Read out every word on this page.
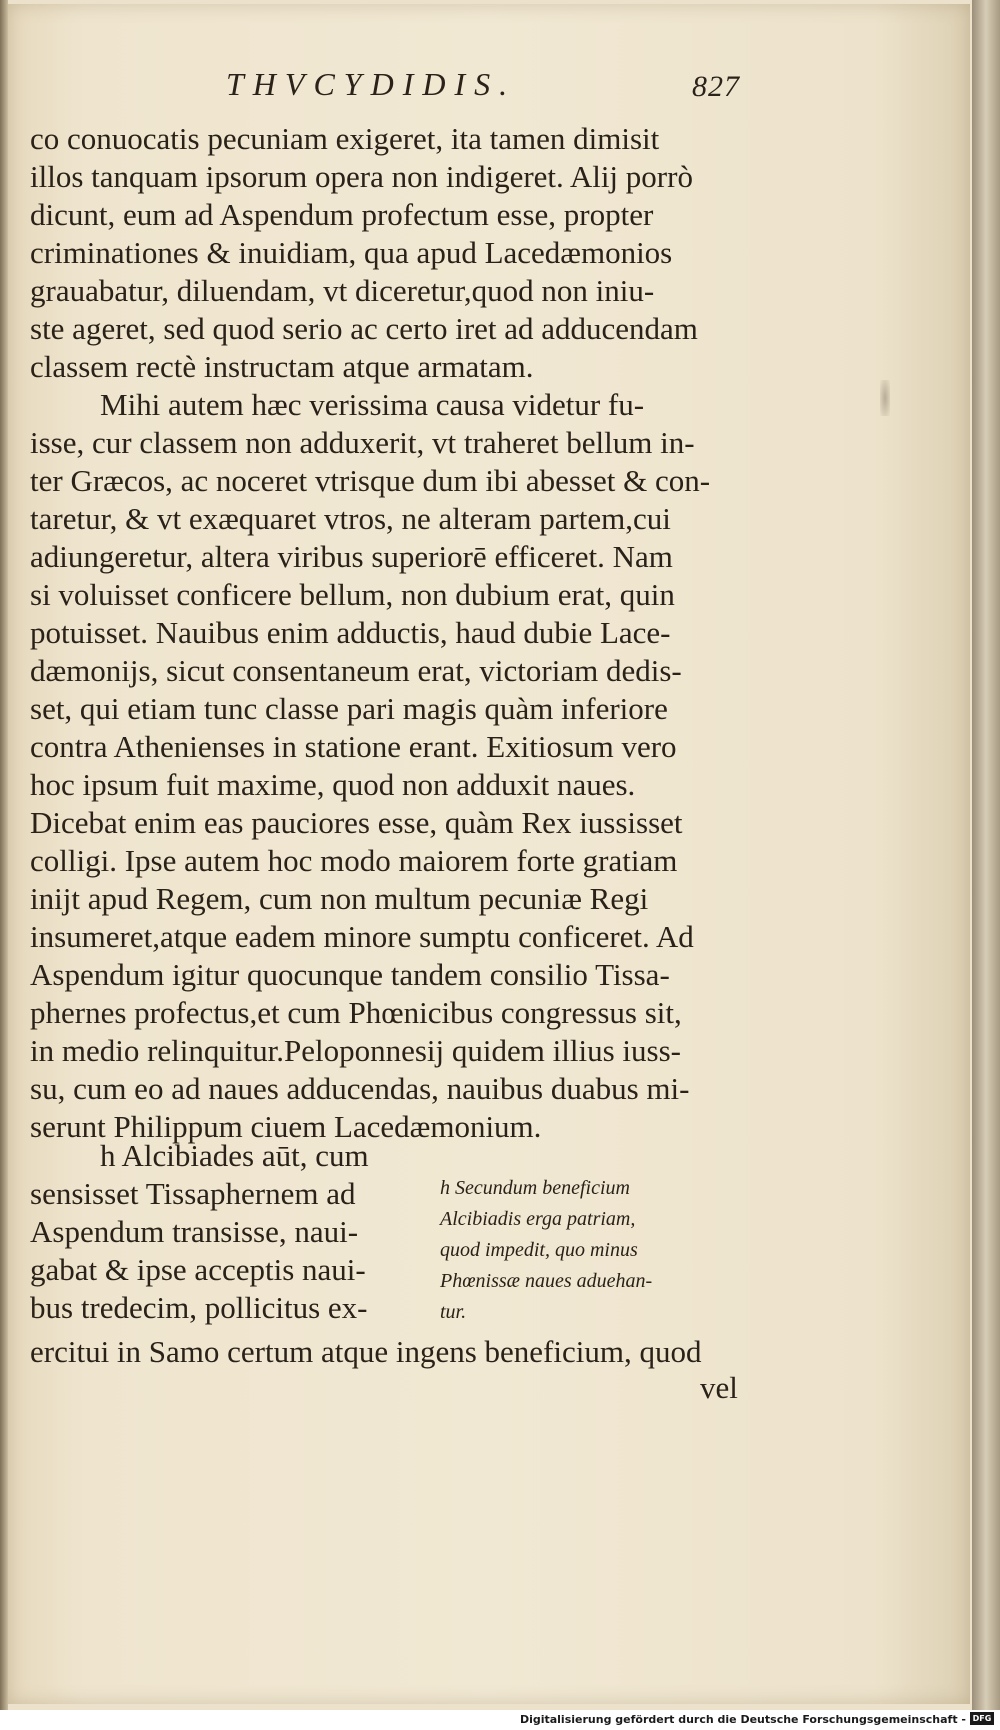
THVCYDIDIS.	827
co conuocatis pecuniam exigeret, ita tamen dimisit
illos tanquam ipsorum opera non indigeret. Alij porrò
dicunt, eum ad Aspendum profectum esse, propter
criminationes & inuidiam, qua apud Lacedæmonios
grauabatur, diluendam, vt diceretur,quod non iniu-
ste ageret, sed quod serio ac certo iret ad adducendam
classem rectè instructam atque armatam.
Mihi autem hæc verissima causa videtur fu-
isse, cur classem non adduxerit, vt traheret bellum in-
ter Græcos, ac noceret vtrisque dum ibi abesset & con-
taretur, & vt exæquaret vtros, ne alteram partem,cui
adiungeretur, altera viribus superiorē efficeret. Nam
si voluisset conficere bellum, non dubium erat, quin
potuisset. Nauibus enim adductis, haud dubie Lace-
dæmonijs, sicut consentaneum erat, victoriam dedis-
set, qui etiam tunc classe pari magis quàm inferiore
contra Athenienses in statione erant. Exitiosum vero
hoc ipsum fuit maxime, quod non adduxit naues.
Dicebat enim eas pauciores esse, quàm Rex iussisset
colligi. Ipse autem hoc modo maiorem forte gratiam
inijt apud Regem, cum non multum pecuniæ Regi
insumeret,atque eadem minore sumptu conficeret. Ad
Aspendum igitur quocunque tandem consilio Tissa-
phernes profectus,et cum Phœnicibus congressus sit,
in medio relinquitur.Peloponnesij quidem illius iuss-
su, cum eo ad naues adducendas, nauibus duabus mi-
serunt Philippum ciuem Lacedæmonium.
h Alcibiades aūt, cum
sensisset Tissaphernem ad
Aspendum transisse, naui-
gabat & ipse acceptis naui-
bus tredecim, pollicitus ex-
h Secundum beneficium
Alcibiadis erga patriam,
quod impedit, quo minus
Phœnissæ naues aduehan-
tur.
ercitui in Samo certum atque ingens beneficium, quod
vel
Digitalisierung gefördert durch die Deutsche Forschungsgemeinschaft - DFG
